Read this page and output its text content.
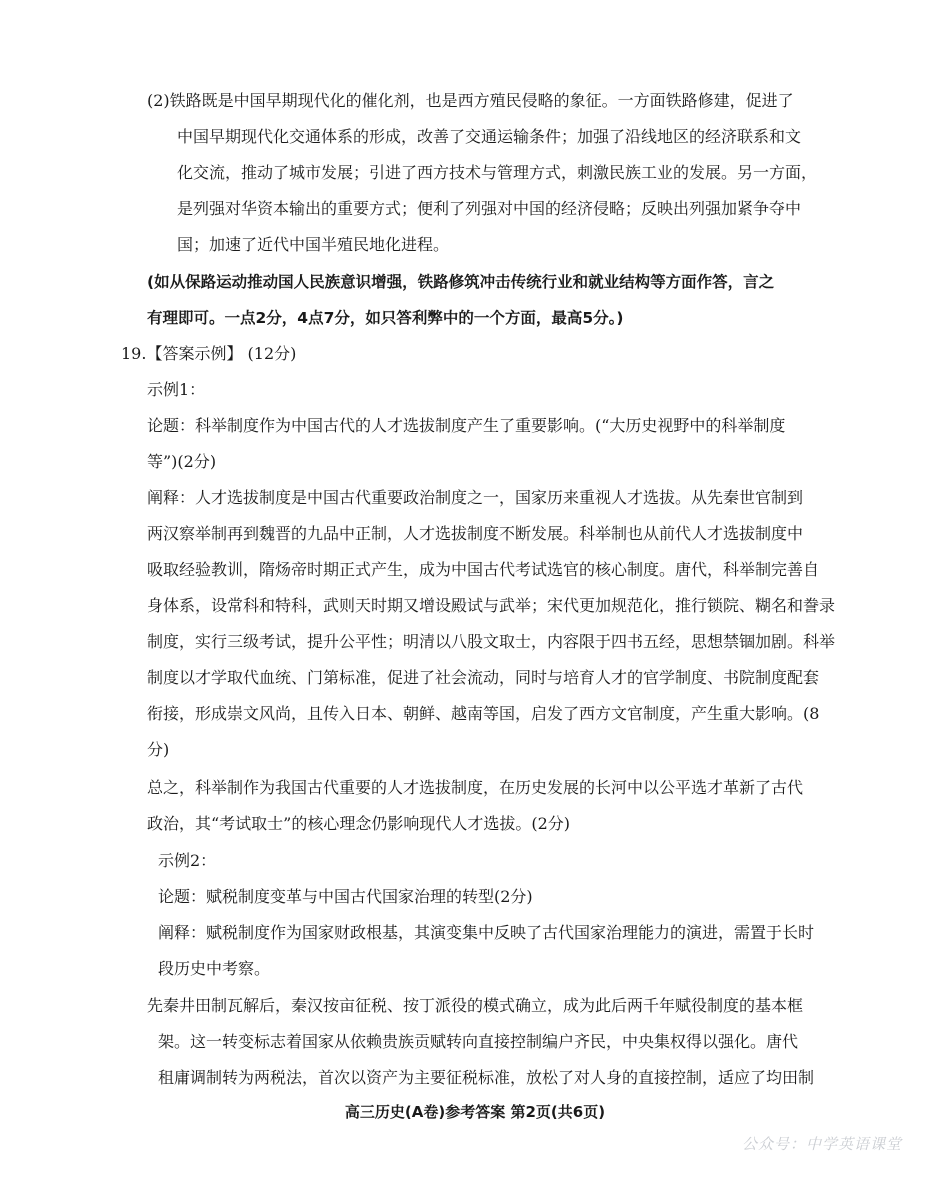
(2)铁路既是中国早期现代化的催化剂，也是西方殖民侵略的象征。一方面铁路修建，促进了
中国早期现代化交通体系的形成，改善了交通运输条件；加强了沿线地区的经济联系和文
化交流，推动了城市发展；引进了西方技术与管理方式，刺激民族工业的发展。另一方面，
是列强对华资本输出的重要方式；便利了列强对中国的经济侵略；反映出列强加紧争夺中
国；加速了近代中国半殖民地化进程。
(如从保路运动推动国人民族意识增强，铁路修筑冲击传统行业和就业结构等方面作答，言之
有理即可。一点2分，4点7分，如只答利弊中的一个方面，最高5分。)
19.【答案示例】 (12分)
示例1：
论题：科举制度作为中国古代的人才选拔制度产生了重要影响。(“大历史视野中的科举制度
等”)(2分)
阐释：人才选拔制度是中国古代重要政治制度之一，国家历来重视人才选拔。从先秦世官制到
两汉察举制再到魏晋的九品中正制，人才选拔制度不断发展。科举制也从前代人才选拔制度中
吸取经验教训，隋炀帝时期正式产生，成为中国古代考试选官的核心制度。唐代，科举制完善自
身体系，设常科和特科，武则天时期又增设殿试与武举；宋代更加规范化，推行锁院、糊名和誊录
制度，实行三级考试，提升公平性；明清以八股文取士，内容限于四书五经，思想禁锢加剧。科举
制度以才学取代血统、门第标准，促进了社会流动，同时与培育人才的官学制度、书院制度配套
衔接，形成崇文风尚，且传入日本、朝鲜、越南等国，启发了西方文官制度，产生重大影响。(8
分)
总之，科举制作为我国古代重要的人才选拔制度，在历史发展的长河中以公平选才革新了古代
政治，其“考试取士”的核心理念仍影响现代人才选拔。(2分)
示例2：
论题：赋税制度变革与中国古代国家治理的转型(2分)
阐释：赋税制度作为国家财政根基，其演变集中反映了古代国家治理能力的演进，需置于长时
段历史中考察。
先秦井田制瓦解后，秦汉按亩征税、按丁派役的模式确立，成为此后两千年赋役制度的基本框
架。这一转变标志着国家从依赖贵族贡赋转向直接控制编户齐民，中央集权得以强化。唐代
租庸调制转为两税法，首次以资产为主要征税标准，放松了对人身的直接控制，适应了均田制
高三历史(A卷)参考答案 第2页(共6页)
公众号：中学英语课堂
